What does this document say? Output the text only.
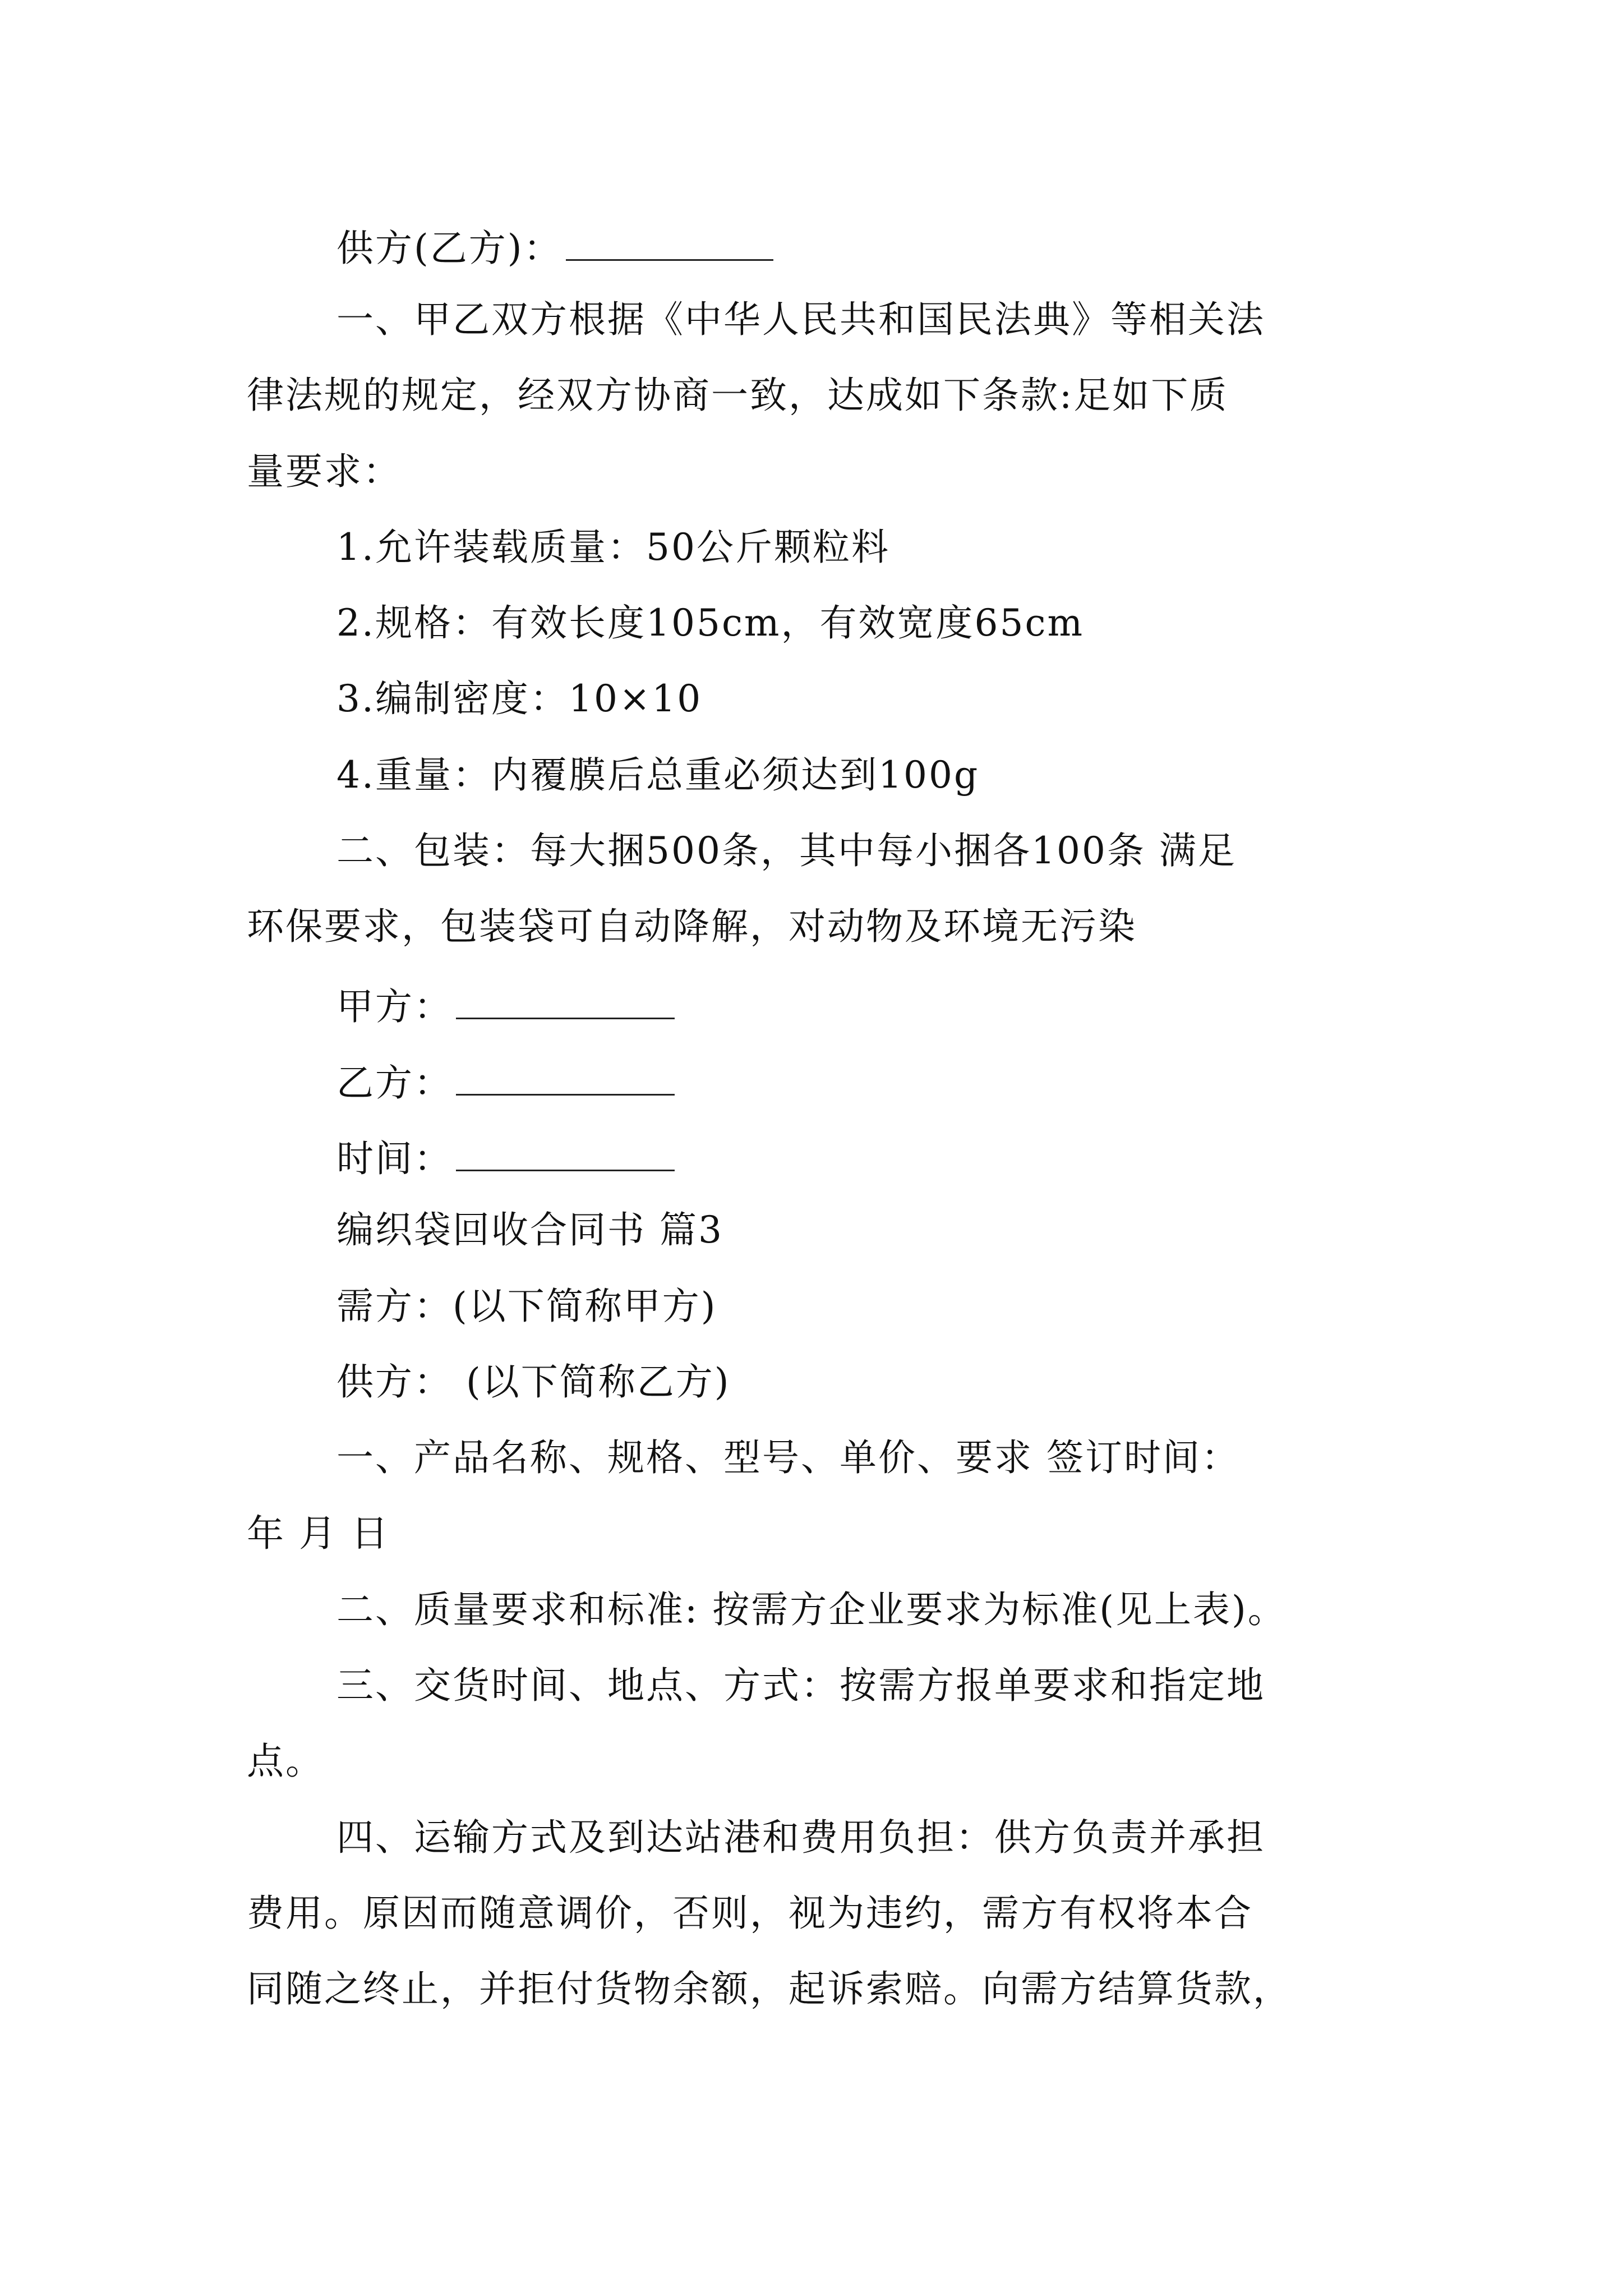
供方(乙方)：
一、甲乙双方根据《中华人民共和国民法典》等相关法
律法规的规定，经双方协商一致，达成如下条款:足如下质
量要求：
1.允许装载质量：50公斤颗粒料
2.规格：有效长度105cm，有效宽度65cm
3.编制密度：10×10
4.重量：内覆膜后总重必须达到100g
二、包装：每大捆500条，其中每小捆各100条 满足
环保要求，包装袋可自动降解，对动物及环境无污染
甲方：
乙方：
时间：
编织袋回收合同书 篇3
需方：(以下简称甲方)
供方： (以下简称乙方)
一、产品名称、规格、型号、单价、要求 签订时间：
年 月 日
二、质量要求和标准: 按需方企业要求为标准(见上表)。
三、交货时间、地点、方式：按需方报单要求和指定地
点。
四、运输方式及到达站港和费用负担：供方负责并承担
费用。原因而随意调价，否则，视为违约，需方有权将本合
同随之终止，并拒付货物余额，起诉索赔。向需方结算货款，
